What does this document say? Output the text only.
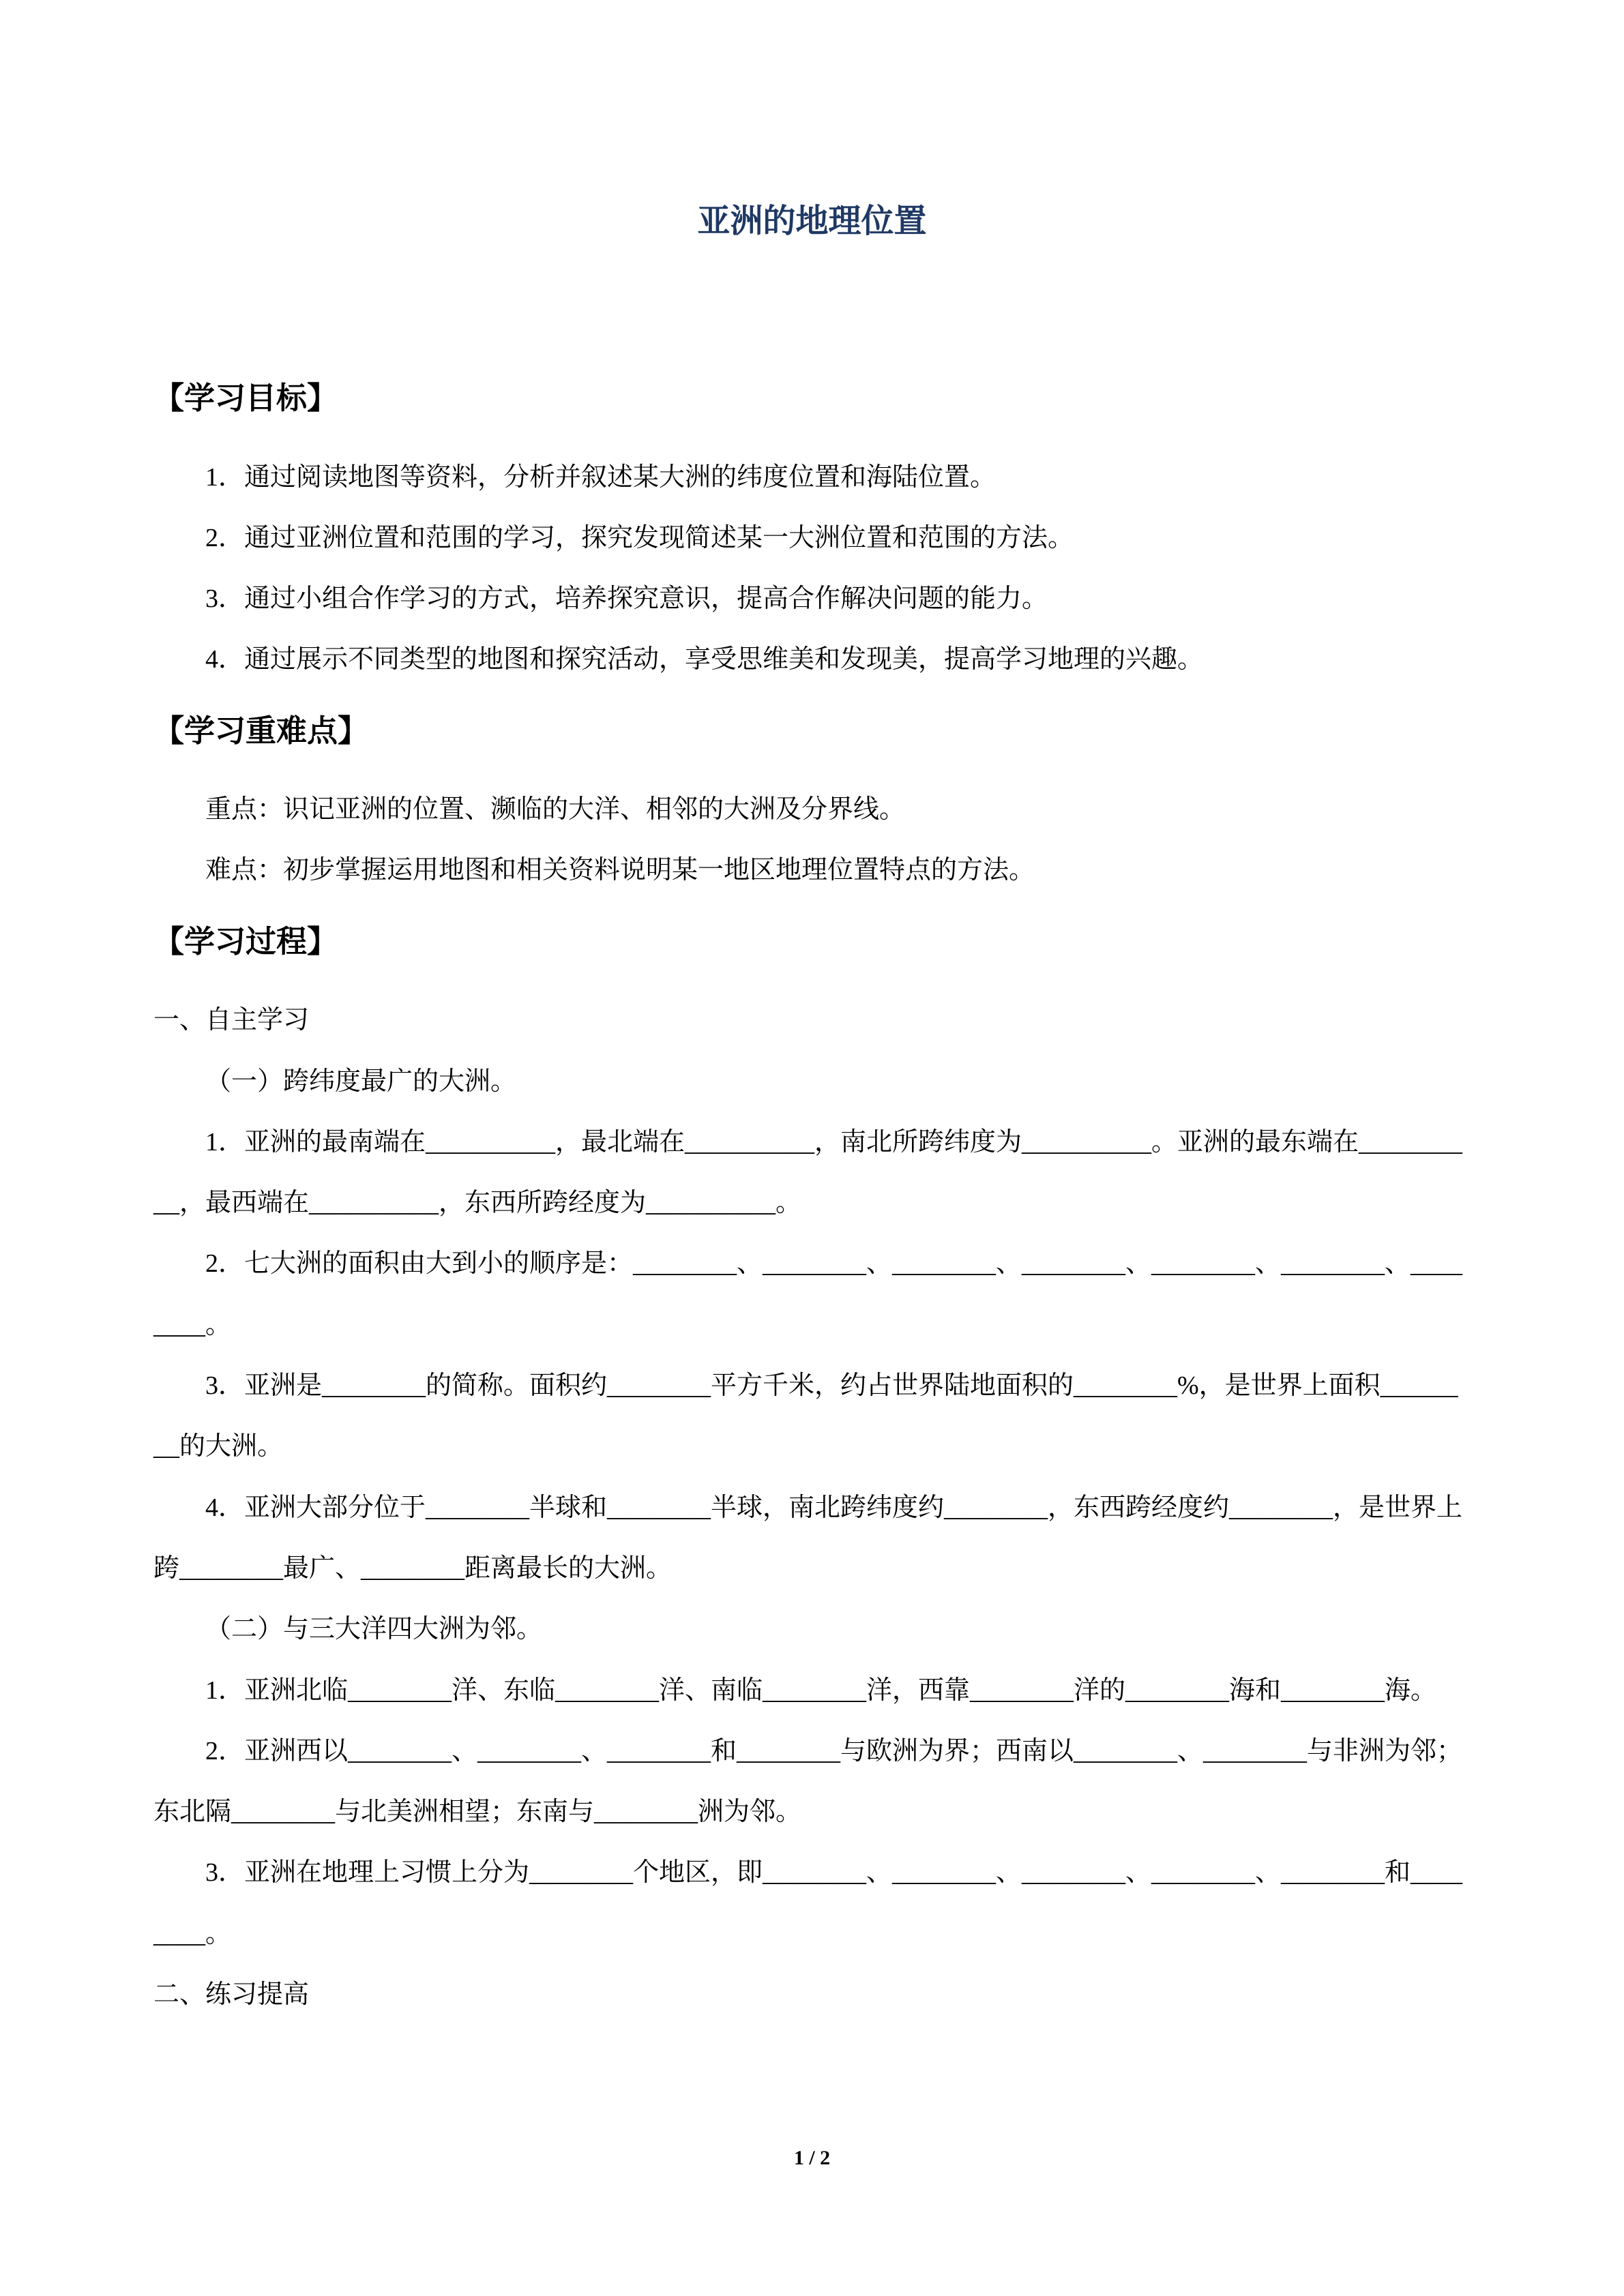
亚洲的地理位置
【学习目标】

1．通过阅读地图等资料，分析并叙述某大洲的纬度位置和海陆位置。

2．通过亚洲位置和范围的学习，探究发现简述某一大洲位置和范围的方法。

3．通过小组合作学习的方式，培养探究意识，提高合作解决问题的能力。

4．通过展示不同类型的地图和探究活动，享受思维美和发现美，提高学习地理的兴趣。

【学习重难点】

重点：识记亚洲的位置、濒临的大洋、相邻的大洲及分界线。

难点：初步掌握运用地图和相关资料说明某一地区地理位置特点的方法。

【学习过程】

一、自主学习

（一）跨纬度最广的大洲。

1．亚洲的最南端在__________，最北端在__________，南北所跨纬度为__________。亚洲的最东端在__________，最西端在__________，东西所跨经度为__________。

2．七大洲的面积由大到小的顺序是：________、________、________、________、________、________、________。

3．亚洲是________的简称。面积约________平方千米，约占世界陆地面积的________%，是世界上面积________的大洲。

4．亚洲大部分位于________半球和________半球，南北跨纬度约________，东西跨经度约________，是世界上跨________最广、________距离最长的大洲。

（二）与三大洋四大洲为邻。

1．亚洲北临________洋、东临________洋、南临________洋，西靠________洋的________海和________海。

2．亚洲西以________、________、________和________与欧洲为界；西南以________、________与非洲为邻；东北隔________与北美洲相望；东南与________洲为邻。

3．亚洲在地理上习惯上分为________个地区，即________、________、________、________、________和________。

二、练习提高

1 / 2
